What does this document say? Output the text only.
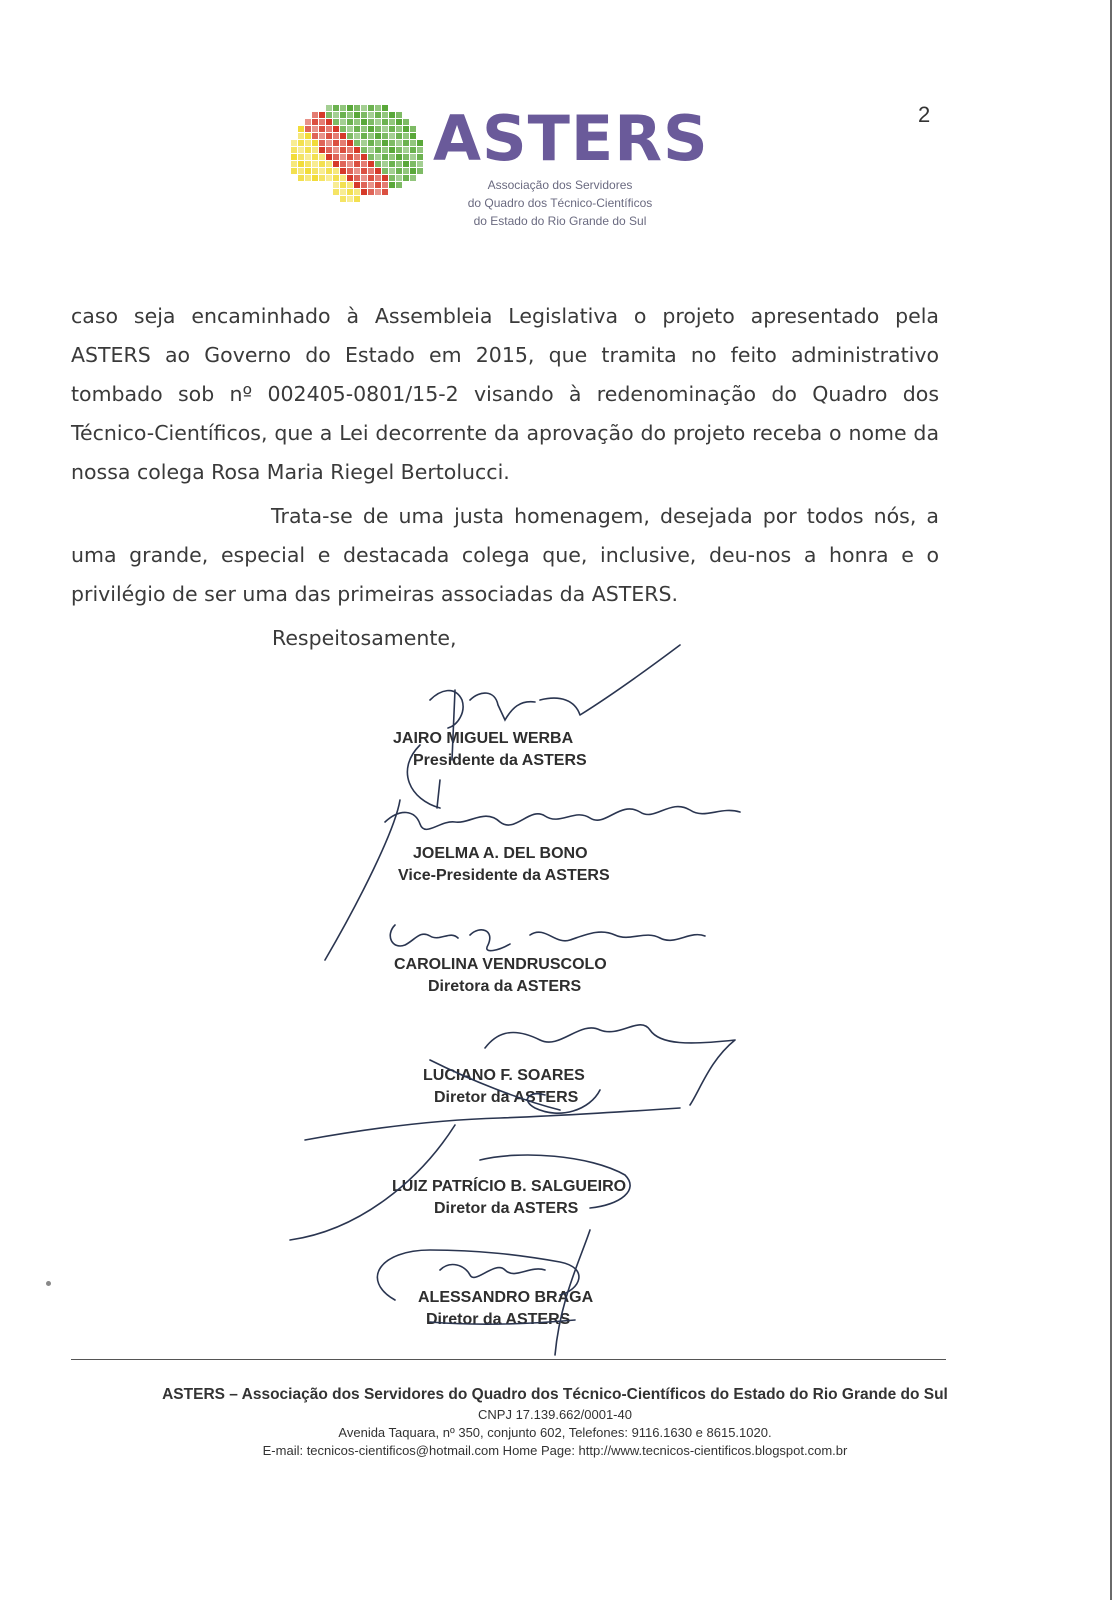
2
ASTERS
Associação dos Servidores
do Quadro dos Técnico-Científicos
do Estado do Rio Grande do Sul
caso seja encaminhado à Assembleia Legislativa o projeto apresentado pela ASTERS ao Governo do Estado em 2015, que tramita no feito administrativo tombado sob nº 002405-0801/15-2 visando à redenominação do Quadro dos Técnico-Científicos, que a Lei decorrente da aprovação do projeto receba o nome da nossa colega Rosa Maria Riegel Bertolucci.
Trata-se de uma justa homenagem, desejada por todos nós, a uma grande, especial e destacada colega que, inclusive, deu-nos a honra e o privilégio de ser uma das primeiras associadas da ASTERS.
Respeitosamente,
JAIRO MIGUEL WERBA
Presidente da ASTERS
JOELMA A. DEL BONO
Vice-Presidente da ASTERS
CAROLINA VENDRUSCOLO
Diretora da ASTERS
LUCIANO F. SOARES
Diretor da ASTERS
LUIZ PATRÍCIO B. SALGUEIRO
Diretor da ASTERS
ALESSANDRO BRAGA
Diretor da ASTERS
ASTERS – Associação dos Servidores do Quadro dos Técnico-Científicos do Estado do Rio Grande do Sul
CNPJ 17.139.662/0001-40
Avenida Taquara, nº 350, conjunto 602, Telefones: 9116.1630 e 8615.1020.
E-mail: tecnicos-cientificos@hotmail.com Home Page: http://www.tecnicos-cientificos.blogspot.com.br
